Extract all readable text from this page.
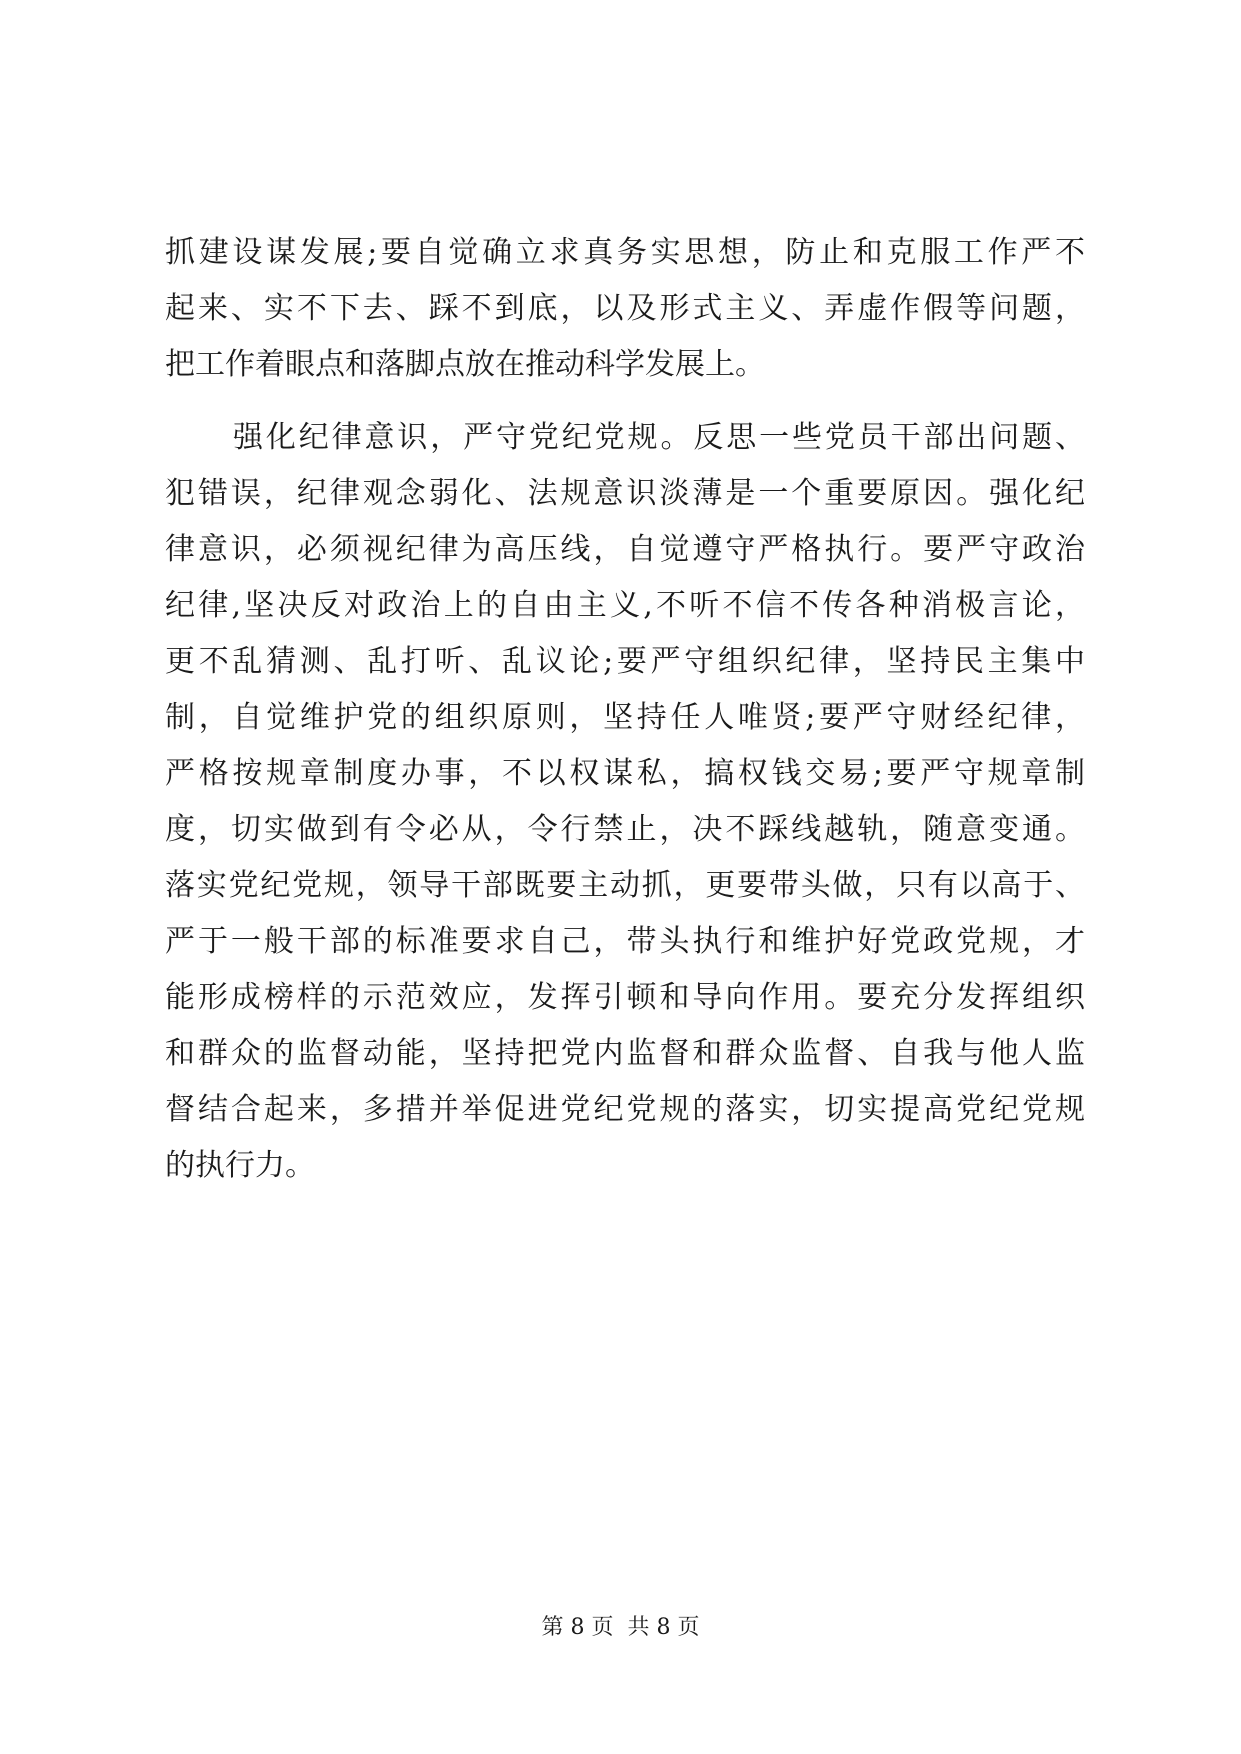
抓建设谋发展;要自觉确立求真务实思想，防止和克服工作严不
起来、实不下去、踩不到底，以及形式主义、弄虚作假等问题，
把工作着眼点和落脚点放在推动科学发展上。
强化纪律意识，严守党纪党规。反思一些党员干部出问题、
犯错误，纪律观念弱化、法规意识淡薄是一个重要原因。强化纪
律意识，必须视纪律为高压线，自觉遵守严格执行。要严守政治
纪律,坚决反对政治上的自由主义,不听不信不传各种消极言论，
更不乱猜测、乱打听、乱议论;要严守组织纪律，坚持民主集中
制，自觉维护党的组织原则，坚持任人唯贤;要严守财经纪律，
严格按规章制度办事，不以权谋私，搞权钱交易;要严守规章制
度，切实做到有令必从，令行禁止，决不踩线越轨，随意变通。
落实党纪党规，领导干部既要主动抓，更要带头做，只有以高于、
严于一般干部的标准要求自己，带头执行和维护好党政党规，才
能形成榜样的示范效应，发挥引顿和导向作用。要充分发挥组织
和群众的监督动能，坚持把党内监督和群众监督、自我与他人监
督结合起来，多措并举促进党纪党规的落实，切实提高党纪党规
的执行力。
第 8 页 共 8 页
